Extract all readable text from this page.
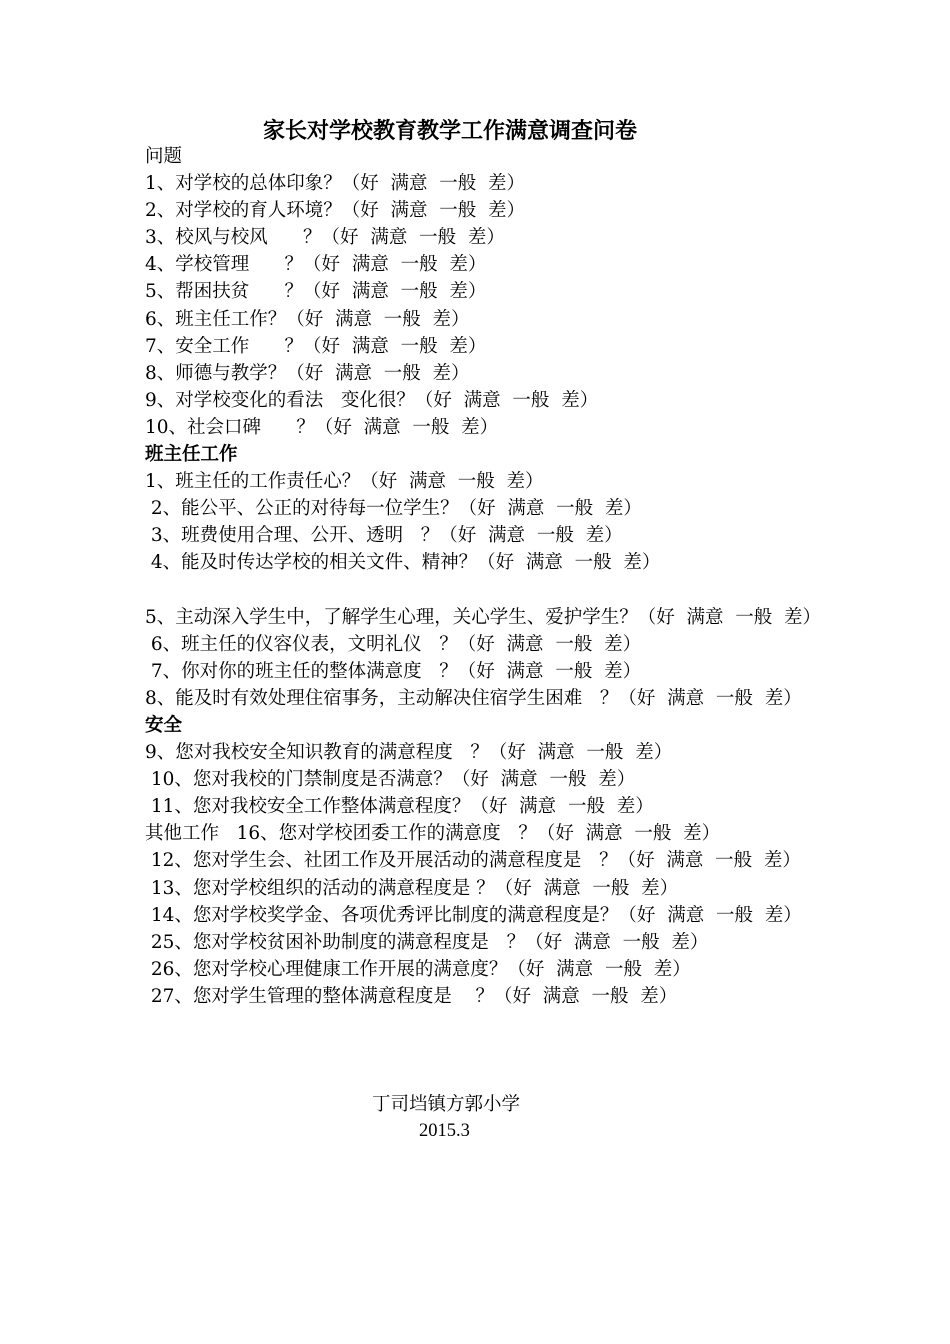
家长对学校教育教学工作满意调查问卷
问题
1、对学校的总体印象？（好  满意  一般  差）
2、对学校的育人环境？（好  满意  一般  差）
3、校风与校风      ？（好  满意  一般  差）
4、学校管理      ？（好  满意  一般  差）
5、帮困扶贫      ？（好  满意  一般  差）
6、班主任工作？（好  满意  一般  差）
7、安全工作      ？（好  满意  一般  差）
8、师德与教学？（好  满意  一般  差）
9、对学校变化的看法   变化很？（好  满意  一般  差）
10、社会口碑      ？（好  满意  一般  差）
班主任工作
1、班主任的工作责任心？（好  满意  一般  差）
2、能公平、公正的对待每一位学生？（好  满意  一般  差）
3、班费使用合理、公开、透明   ？（好  满意  一般  差）
4、能及时传达学校的相关文件、精神？（好  满意  一般  差）
5、主动深入学生中，了解学生心理，关心学生、爱护学生？（好  满意  一般  差）
6、班主任的仪容仪表，文明礼仪   ？（好  满意  一般  差）
7、你对你的班主任的整体满意度   ？（好  满意  一般  差）
8、能及时有效处理住宿事务，主动解决住宿学生困难   ？（好  满意  一般  差）
安全
9、您对我校安全知识教育的满意程度   ？（好  满意  一般  差）
10、您对我校的门禁制度是否满意？（好  满意  一般  差）
11、您对我校安全工作整体满意程度？（好  满意  一般  差）
其他工作   16、您对学校团委工作的满意度   ？（好  满意  一般  差）
12、您对学生会、社团工作及开展活动的满意程度是   ？（好  满意  一般  差）
13、您对学校组织的活动的满意程度是 ？（好  满意  一般  差）
14、您对学校奖学金、各项优秀评比制度的满意程度是？（好  满意  一般  差）
25、您对学校贫困补助制度的满意程度是   ？（好  满意  一般  差）
26、您对学校心理健康工作开展的满意度？（好  满意  一般  差）
27、您对学生管理的整体满意程度是    ？（好  满意  一般  差）
丁司垱镇方郭小学
2015.3
